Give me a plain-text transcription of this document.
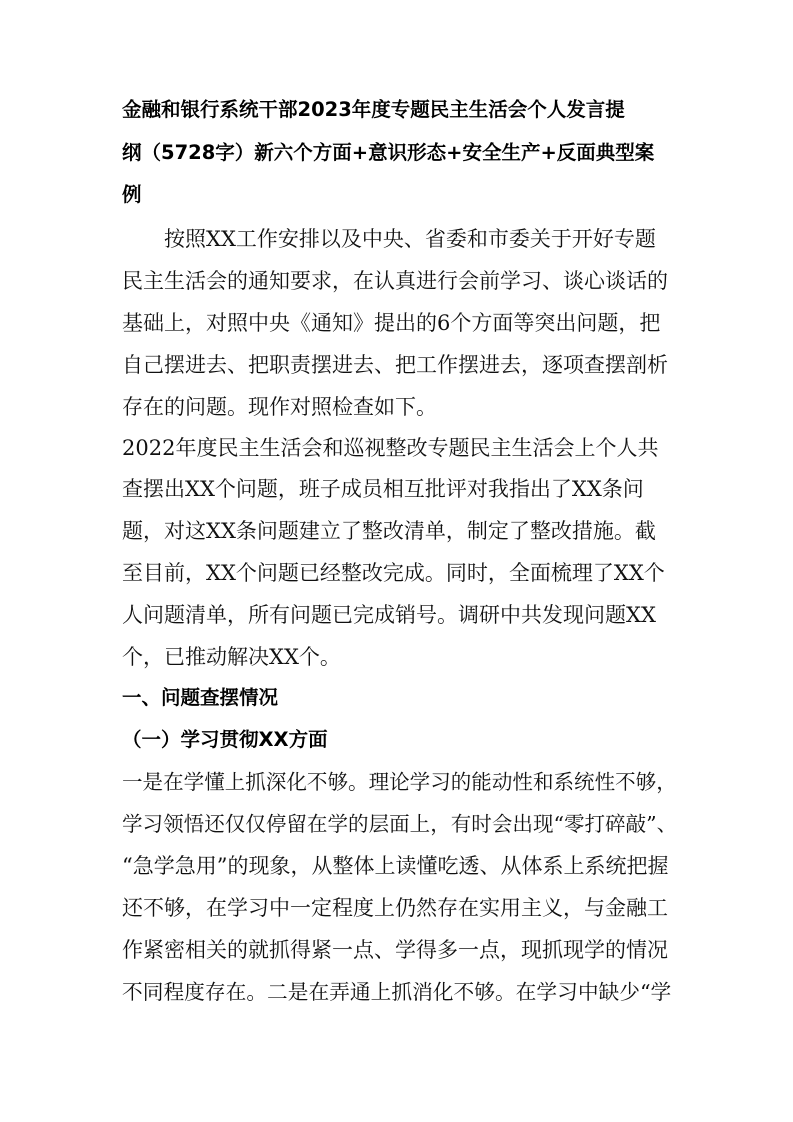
金融和银行系统干部2023年度专题民主生活会个人发言提
纲（5728字）新六个方面+意识形态+安全生产+反面典型案
例
按照XX工作安排以及中央、省委和市委关于开好专题
民主生活会的通知要求，在认真进行会前学习、谈心谈话的
基础上，对照中央《通知》提出的6个方面等突出问题，把
自己摆进去、把职责摆进去、把工作摆进去，逐项查摆剖析
存在的问题。现作对照检查如下。
2022年度民主生活会和巡视整改专题民主生活会上个人共
查摆出XX个问题，班子成员相互批评对我指出了XX条问
题，对这XX条问题建立了整改清单，制定了整改措施。截
至目前，XX个问题已经整改完成。同时，全面梳理了XX个
人问题清单，所有问题已完成销号。调研中共发现问题XX
个，已推动解决XX个。
一、问题查摆情况
（一）学习贯彻XX方面
一是在学懂上抓深化不够。理论学习的能动性和系统性不够，
学习领悟还仅仅停留在学的层面上，有时会出现“零打碎敲”、
“急学急用”的现象，从整体上读懂吃透、从体系上系统把握
还不够，在学习中一定程度上仍然存在实用主义，与金融工
作紧密相关的就抓得紧一点、学得多一点，现抓现学的情况
不同程度存在。二是在弄通上抓消化不够。在学习中缺少“学
